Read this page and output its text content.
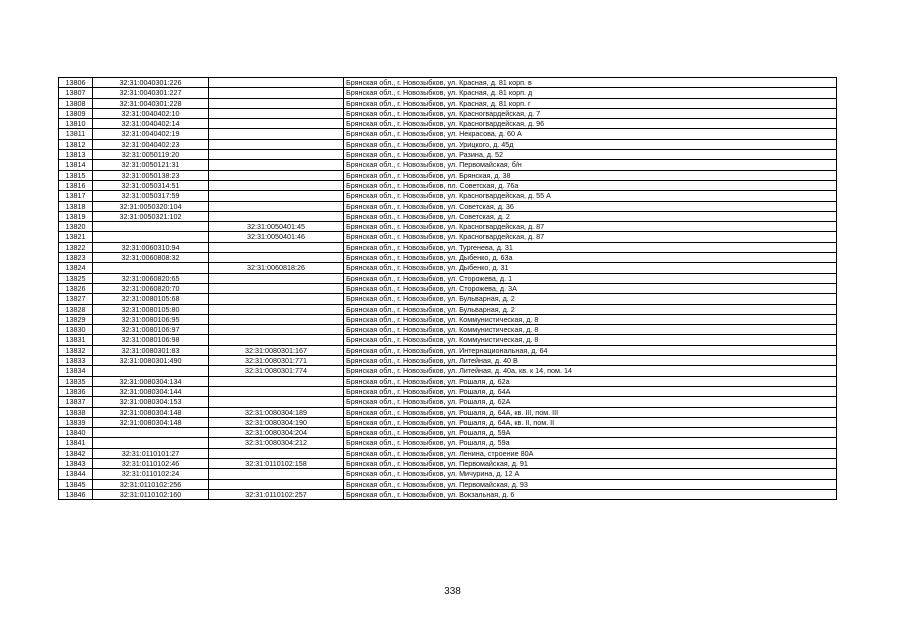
13806	32:31:0040301:226		Брянская обл., г. Новозыбков, ул. Красная, д. 81 корп. в
13807	32:31:0040301:227		Брянская обл., г. Новозыбков, ул. Красная, д. 81 корп. д
13808	32:31:0040301:228		Брянская обл., г. Новозыбков, ул. Красная, д. 81 корп. г
13809	32:31:0040402:10		Брянская обл., г. Новозыбков, ул. Красногвардейская, д. 7
13810	32:31:0040402:14		Брянская обл., г. Новозыбков, ул. Красногвардейская, д. 96
13811	32:31:0040402:19		Брянская обл., г. Новозыбков, ул. Некрасова, д. 60 А
13812	32:31:0040402:23		Брянская обл., г. Новозыбков, ул. Урицкого, д. 45д
13813	32:31:0050119:20		Брянская обл., г. Новозыбков, ул. Разина, д. 52
13814	32:31:0050121:31		Брянская обл., г. Новозыбков, ул. Первомайская, б/н
13815	32:31:0050138:23		Брянская обл., г. Новозыбков, ул. Брянская, д. 38
13816	32:31:0050314:51		Брянская обл., г. Новозыбков, пл. Советская, д. 76а
13817	32:31:0050317:59		Брянская обл., г. Новозыбков, ул. Красногвардейская, д. 55 А
13818	32:31:0050320:104		Брянская обл., г. Новозыбков, ул. Советская, д. 36
13819	32:31:0050321:102		Брянская обл., г. Новозыбков, ул. Советская, д. 2
13820		32:31:0050401:45	Брянская обл., г. Новозыбков, ул. Красногвардейская, д. 87
13821		32:31:0050401:46	Брянская обл., г. Новозыбков, ул. Красногвардейская, д. 87
13822	32:31:0060310:94		Брянская обл., г. Новозыбков, ул. Тургенева, д. 31
13823	32:31:0060808:32		Брянская обл., г. Новозыбков, ул. Дыбенко, д. 63а
13824		32:31:0060818:26	Брянская обл., г. Новозыбков, ул. Дыбенко, д. 31
13825	32:31:0060820:65		Брянская обл., г. Новозыбков, ул. Сторожева, д. 1
13826	32:31:0060820:70		Брянская обл., г. Новозыбков, ул. Сторожева, д. 3А
13827	32:31:0080105:68		Брянская обл., г. Новозыбков, ул. Бульварная, д. 2
13828	32:31:0080105:80		Брянская обл., г. Новозыбков, ул. Бульварная, д. 2
13829	32:31:0080106:95		Брянская обл., г. Новозыбков, ул. Коммунистическая, д. 8
13830	32:31:0080106:97		Брянская обл., г. Новозыбков, ул. Коммунистическая, д. 8
13831	32:31:0080106:98		Брянская обл., г. Новозыбков, ул. Коммунистическая, д. 8
13832	32:31:0080301:83	32:31:0080301:167	Брянская обл., г. Новозыбков, ул. Интернациональная, д. 64
13833	32:31:0080301:490	32:31:0080301:771	Брянская обл., г. Новозыбков, ул. Литейная, д. 40 В
13834		32:31:0080301:774	Брянская обл., г. Новозыбков, ул. Литейная, д. 40а, кв. к 14, пом. 14
13835	32:31:0080304:134		Брянская обл., г. Новозыбков, ул. Рошаля, д. 62а
13836	32:31:0080304:144		Брянская обл., г. Новозыбков, ул. Рошаля, д. 64А
13837	32:31:0080304:153		Брянская обл., г. Новозыбков, ул. Рошаля, д. 62А
13838	32:31:0080304:148	32:31:0080304:189	Брянская обл., г. Новозыбков, ул. Рошаля, д. 64А, кв. III, пом. III
13839	32:31:0080304:148	32:31:0080304:190	Брянская обл., г. Новозыбков, ул. Рошаля, д. 64А, кв. II, пом. II
13840		32:31:0080304:204	Брянская обл., г. Новозыбков, ул. Рошаля, д. 59А
13841		32:31:0080304:212	Брянская обл., г. Новозыбков, ул. Рошаля, д. 59а
13842	32:31:0110101:27		Брянская обл., г. Новозыбков, ул. Ленина, строение 80А
13843	32:31:0110102:46	32:31:0110102:158	Брянская обл., г. Новозыбков, ул. Первомайская, д. 91
13844	32:31:0110102:24		Брянская обл., г. Новозыбков, ул. Мичурина, д. 12 А
13845	32:31:0110102:256		Брянская обл., г. Новозыбков, ул. Первомайская, д. 93
13846	32:31:0110102:160	32:31:0110102:257	Брянская обл., г. Новозыбков, ул. Вокзальная, д. 6
338
